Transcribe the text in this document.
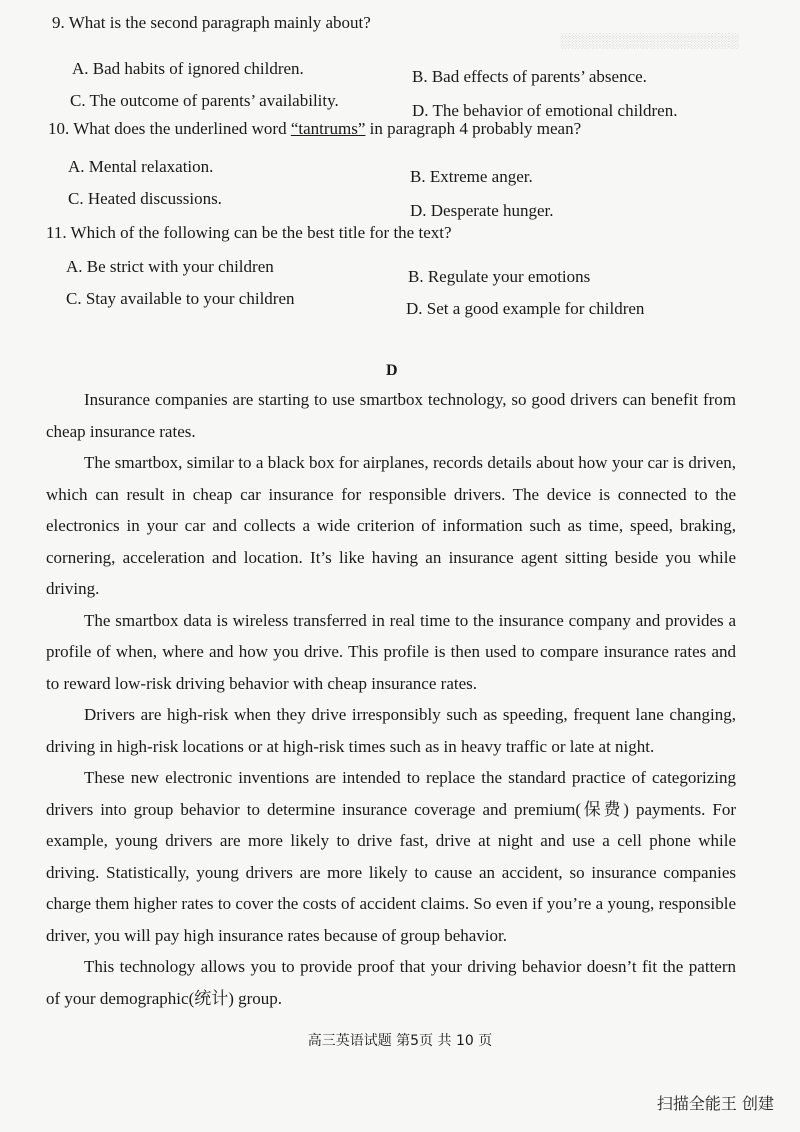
░░░░░░░░░░░░░░░░░░
9. What is the second paragraph mainly about?
A. Bad habits of ignored children.	B. Bad effects of parents’ absence.
C. The outcome of parents’ availability.
D. The behavior of emotional children.
10. What does the underlined word “tantrums” in paragraph 4 probably mean?
A. Mental relaxation.
B. Extreme anger.
C. Heated discussions.
D. Desperate hunger.
11. Which of the following can be the best title for the text?
A. Be strict with your children
B. Regulate your emotions
C. Stay available to your children
D. Set a good example for children
D

Insurance companies are starting to use smartbox technology, so good drivers can benefit from cheap insurance rates.

The smartbox, similar to a black box for airplanes, records details about how your car is driven, which can result in cheap car insurance for responsible drivers. The device is connected to the electronics in your car and collects a wide criterion of information such as time, speed, braking, cornering, acceleration and location. It’s like having an insurance agent sitting beside you while driving.

The smartbox data is wireless transferred in real time to the insurance company and provides a profile of when, where and how you drive. This profile is then used to compare insurance rates and to reward low-risk driving behavior with cheap insurance rates.

Drivers are high-risk when they drive irresponsibly such as speeding, frequent lane changing, driving in high-risk locations or at high-risk times such as in heavy traffic or late at night.

These new electronic inventions are intended to replace the standard practice of categorizing drivers into group behavior to determine insurance coverage and premium(保费) payments. For example, young drivers are more likely to drive fast, drive at night and use a cell phone while driving. Statistically, young drivers are more likely to cause an accident, so insurance companies charge them higher rates to cover the costs of accident claims. So even if you’re a young, responsible driver, you will pay high insurance rates because of group behavior.

This technology allows you to provide proof that your driving behavior doesn’t fit the pattern of your demographic(统计) group.

高三英语试题 第5页 共 10 页
扫描全能王 创建
